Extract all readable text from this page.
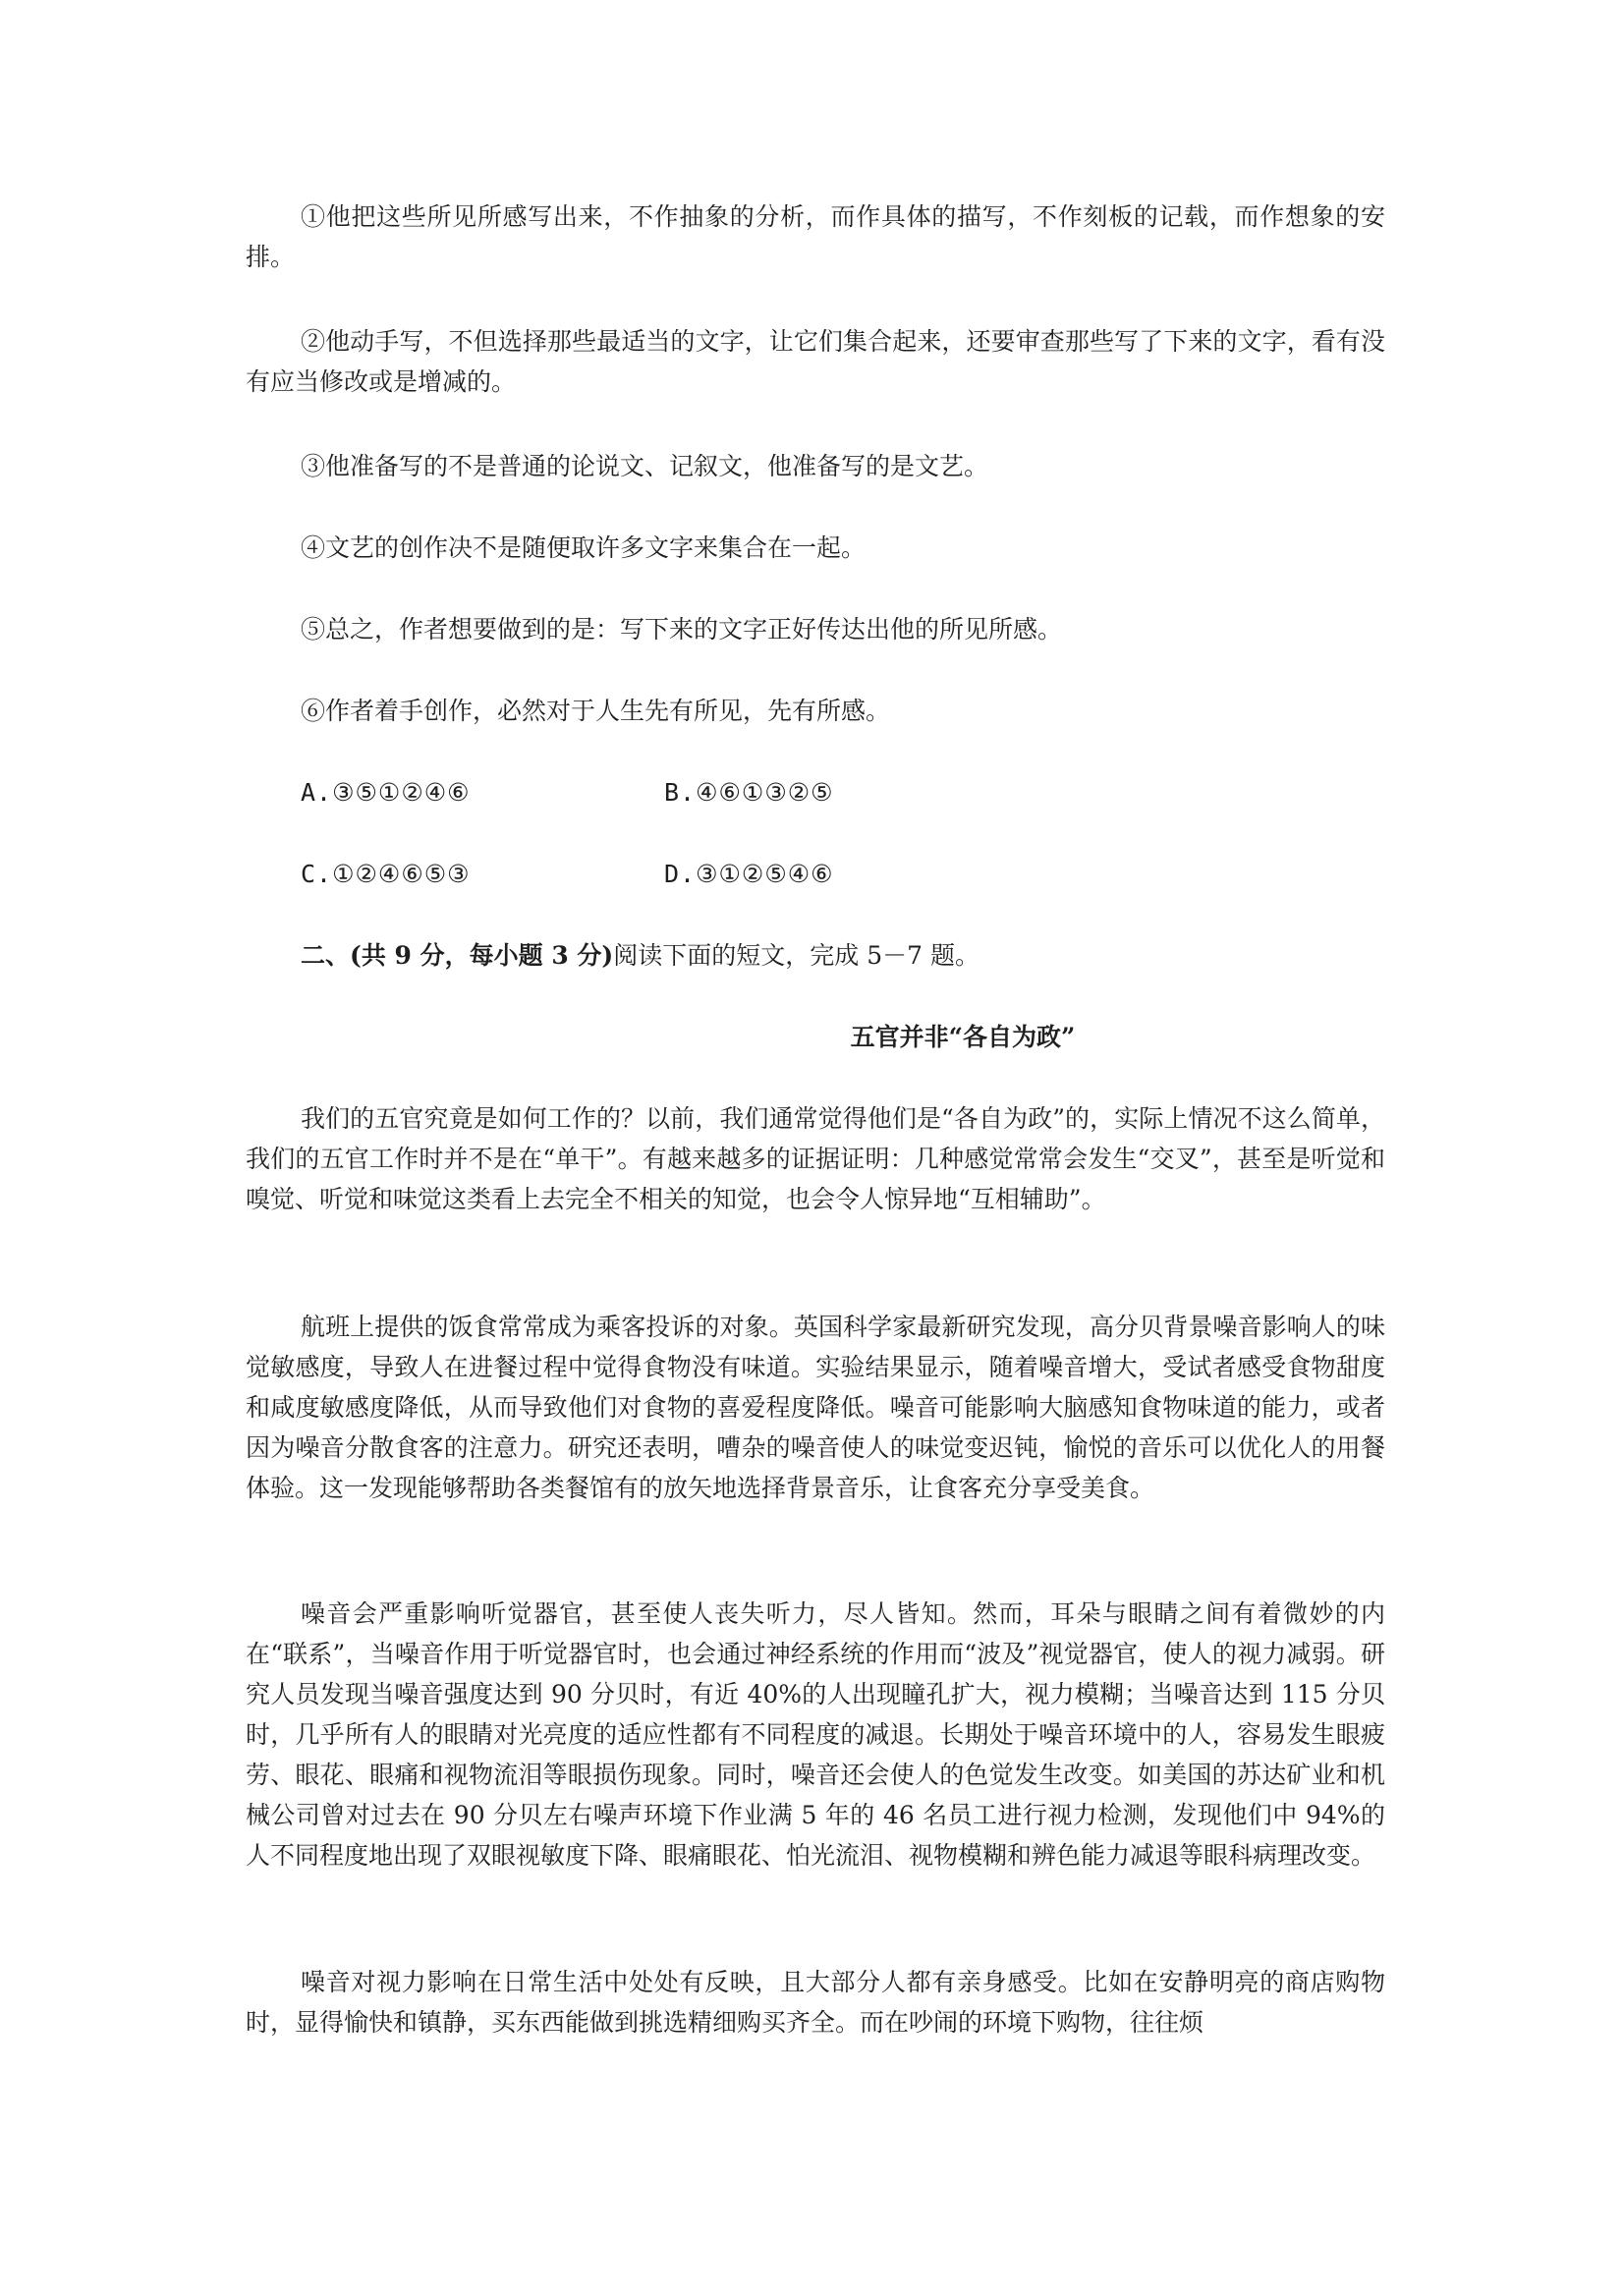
①他把这些所见所感写出来，不作抽象的分析，而作具体的描写，不作刻板的记载，而作想象的安排。

②他动手写，不但选择那些最适当的文字，让它们集合起来，还要审查那些写了下来的文字，看有没有应当修改或是增减的。

③他准备写的不是普通的论说文、记叙文，他准备写的是文艺。

④文艺的创作决不是随便取许多文字来集合在一起。

⑤总之，作者想要做到的是：写下来的文字正好传达出他的所见所感。

⑥作者着手创作，必然对于人生先有所见，先有所感。

A.③⑤①②④⑥	B.④⑥①③②⑤
C.①②④⑥⑤③	D.③①②⑤④⑥

二、(共 9 分，每小题 3 分)阅读下面的短文，完成 5－7 题。

五官并非“各自为政”

我们的五官究竟是如何工作的？以前，我们通常觉得他们是“各自为政”的，实际上情况不这么简单，我们的五官工作时并不是在“单干”。有越来越多的证据证明：几种感觉常常会发生“交叉”，甚至是听觉和嗅觉、听觉和味觉这类看上去完全不相关的知觉，也会令人惊异地“互相辅助”。

航班上提供的饭食常常成为乘客投诉的对象。英国科学家最新研究发现，高分贝背景噪音影响人的味觉敏感度，导致人在进餐过程中觉得食物没有味道。实验结果显示，随着噪音增大，受试者感受食物甜度和咸度敏感度降低，从而导致他们对食物的喜爱程度降低。噪音可能影响大脑感知食物味道的能力，或者因为噪音分散食客的注意力。研究还表明，嘈杂的噪音使人的味觉变迟钝，愉悦的音乐可以优化人的用餐体验。这一发现能够帮助各类餐馆有的放矢地选择背景音乐，让食客充分享受美食。

噪音会严重影响听觉器官，甚至使人丧失听力，尽人皆知。然而，耳朵与眼睛之间有着微妙的内在“联系”，当噪音作用于听觉器官时，也会通过神经系统的作用而“波及”视觉器官，使人的视力减弱。研究人员发现当噪音强度达到 90 分贝时，有近 40%的人出现瞳孔扩大，视力模糊；当噪音达到 115 分贝时，几乎所有人的眼睛对光亮度的适应性都有不同程度的减退。长期处于噪音环境中的人，容易发生眼疲劳、眼花、眼痛和视物流泪等眼损伤现象。同时，噪音还会使人的色觉发生改变。如美国的苏达矿业和机械公司曾对过去在 90 分贝左右噪声环境下作业满 5 年的 46 名员工进行视力检测，发现他们中 94%的人不同程度地出现了双眼视敏度下降、眼痛眼花、怕光流泪、视物模糊和辨色能力减退等眼科病理改变。

噪音对视力影响在日常生活中处处有反映，且大部分人都有亲身感受。比如在安静明亮的商店购物时，显得愉快和镇静，买东西能做到挑选精细购买齐全。而在吵闹的环境下购物，往往烦
